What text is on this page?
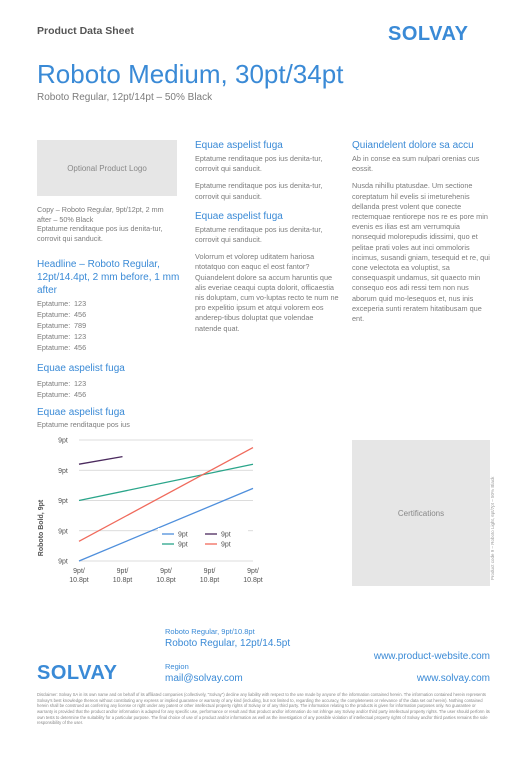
Product Data Sheet	SOLVAY
Roboto Medium, 30pt/34pt
Roboto Regular, 12pt/14pt – 50% Black
Optional Product Logo
Copy – Roboto Regular, 9pt/12pt, 2 mm after – 50% Black
Eptatume renditaque pos ius denita-tur, corrovit qui sanducit.
Headline – Roboto Regular, 12pt/14.4pt, 2 mm before, 1 mm after
Eptatume: 123
Eptatume: 456
Eptatume: 789
Eptatume: 123
Eptatume: 456
Equae aspelist fuga
Eptatume: 123
Eptatume: 456
Equae aspelist fuga
Eptatume renditaque pos ius
Roboto Bold, 9pt
9pt
9pt
9pt
9pt
9pt
9pt/
10.8pt
9pt/
10.8pt
9pt/
10.8pt
9pt/
10.8pt
9pt/
10.8pt
9pt	9pt
9pt	9pt
Equae aspelist fuga
Eptatume renditaque pos ius denita-tur, corrovit qui sanducit.
Eptatume renditaque pos ius denita-tur, corrovit qui sanducit.
Equae aspelist fuga
Eptatume renditaque pos ius denita-tur, corrovit qui sanducit.
Volorrum et volorep uditatem hariosa ntotatquo con eaquc el eost fantor? Quiandelent dolore sa accum haruntis que alis everiae ceaqui cupta dolorit, officaestia nis doluptam, cum vo-luptas recto te num ne pro expelitio ipsum et atqui volorem eos anderep-tibus doluptat que volendae natende quat.
Quiandelent dolore sa accu
Ab in conse ea sum nulpari orenias cus eossit.
Nusda nihillu ptatusdae. Um sectione coreptatum hil evelis si imeturehenis dellanda prest volent que conecte rectemquae rentiorepe nos re es pore min evenis es ilias est am verrumquia nonsequid molorepudis idissimi, quo et pelitae prati voles aut inci ommoloris incimus, susandi gniam, tesequid et re, qui cone velectota ea voluptist, sa consequaspit undamus, sit quaecto min consequo eos adi ressi tem non nus aborum quid mo-lesequos et, nus inis exceperia sunti reratem hitatibusam que ent.
Certifications	Product code 9 – Roboto Light, 6pt/7pt – 50% Black
Roboto Regular, 9pt/10.8pt
Roboto Regular, 12pt/14.5pt
Region
mail@solvay.com
www.product-website.com
www.solvay.com
SOLVAY
Disclaimer: Solvay SA in its own name and on behalf of its affiliated companies (collectively, "Solvay") decline any liability with respect to the use made by anyone of the information contained herein. The information contained herein represents Solvay's best knowledge thereon without constituting any express or implied guarantee or warranty of any kind (including, but not limited to, regarding the accuracy, the completeness or relevance of the data set out herein). Nothing contained herein shall be construed as conferring any license or right under any patent or other intellectual property rights of Solvay or of any third party. The information relating to the products is given for information purposes only. No guarantee or warranty is provided that the product and/or information is adapted for any specific use, performance or result and that product and/or information do not infringe any Solvay and/or third party intellectual property rights. The user should perform its own tests to determine the suitability for a particular purpose. The final choice of use of a product and/or information as well as the investigation of any possible violation of intellectual property rights of Solvay and/or third parties remains the sole responsibility of the user.
